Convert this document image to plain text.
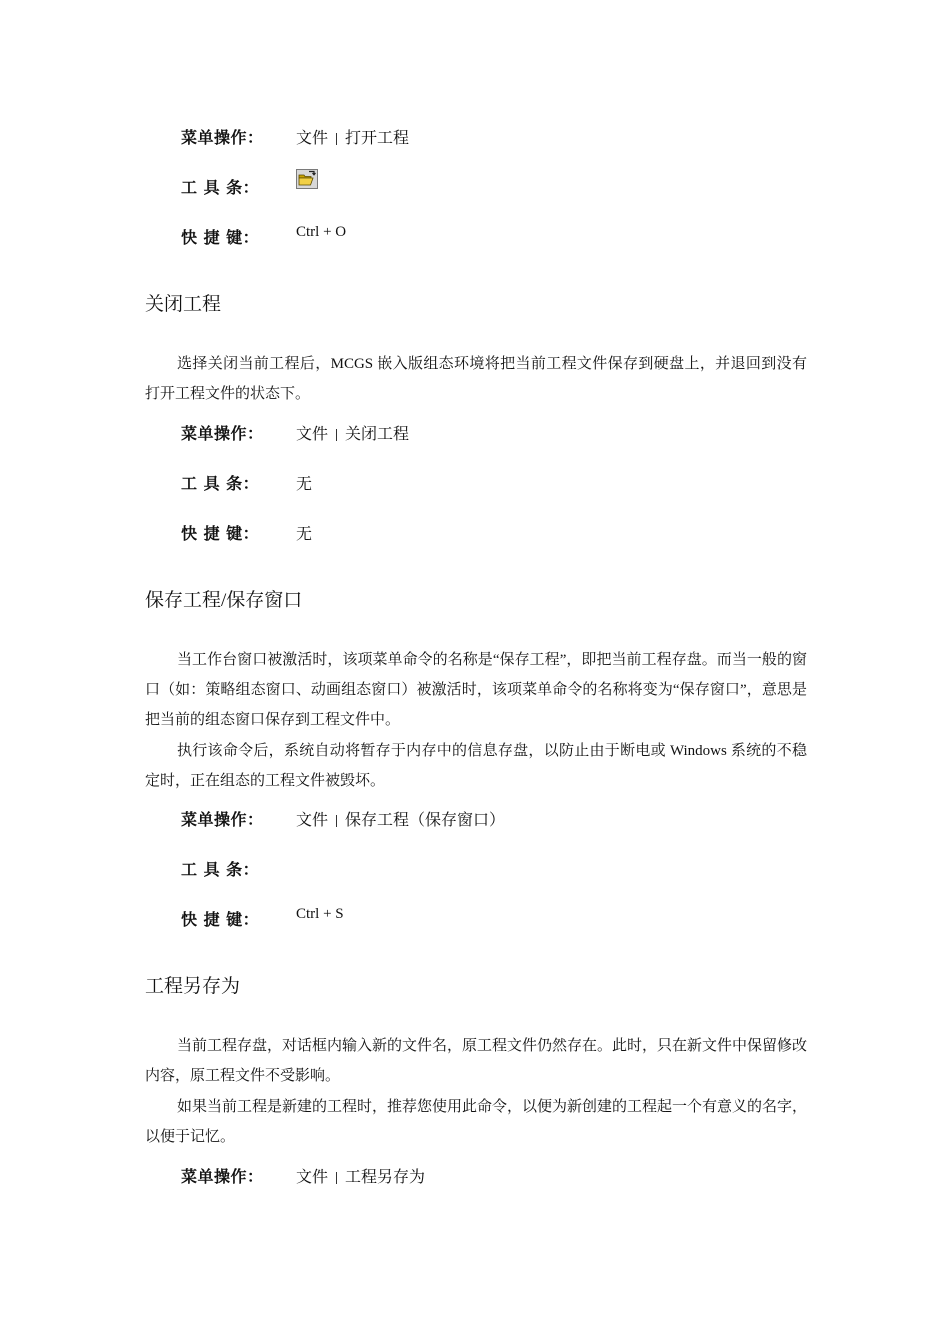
菜单操作：	文件 打开工程
工 具 条：
快 捷 键：	Ctrl + O
关闭工程
选择关闭当前工程后，MCGS 嵌入版组态环境将把当前工程文件保存到硬盘上，并退回到没有打开工程文件的状态下。
菜单操作：	文件 关闭工程
工 具 条：	无
快 捷 键：	无
保存工程/保存窗口
当工作台窗口被激活时，该项菜单命令的名称是“保存工程”，即把当前工程存盘。而当一般的窗口（如：策略组态窗口、动画组态窗口）被激活时，该项菜单命令的名称将变为“保存窗口”，意思是把当前的组态窗口保存到工程文件中。
执行该命令后，系统自动将暂存于内存中的信息存盘，以防止由于断电或 Windows 系统的不稳定时，正在组态的工程文件被毁坏。
菜单操作：	文件 保存工程（保存窗口）
工 具 条：
快 捷 键：	Ctrl + S
工程另存为
当前工程存盘，对话框内输入新的文件名，原工程文件仍然存在。此时，只在新文件中保留修改内容，原工程文件不受影响。
如果当前工程是新建的工程时，推荐您使用此命令，以便为新创建的工程起一个有意义的名字，以便于记忆。
菜单操作：	文件 工程另存为
